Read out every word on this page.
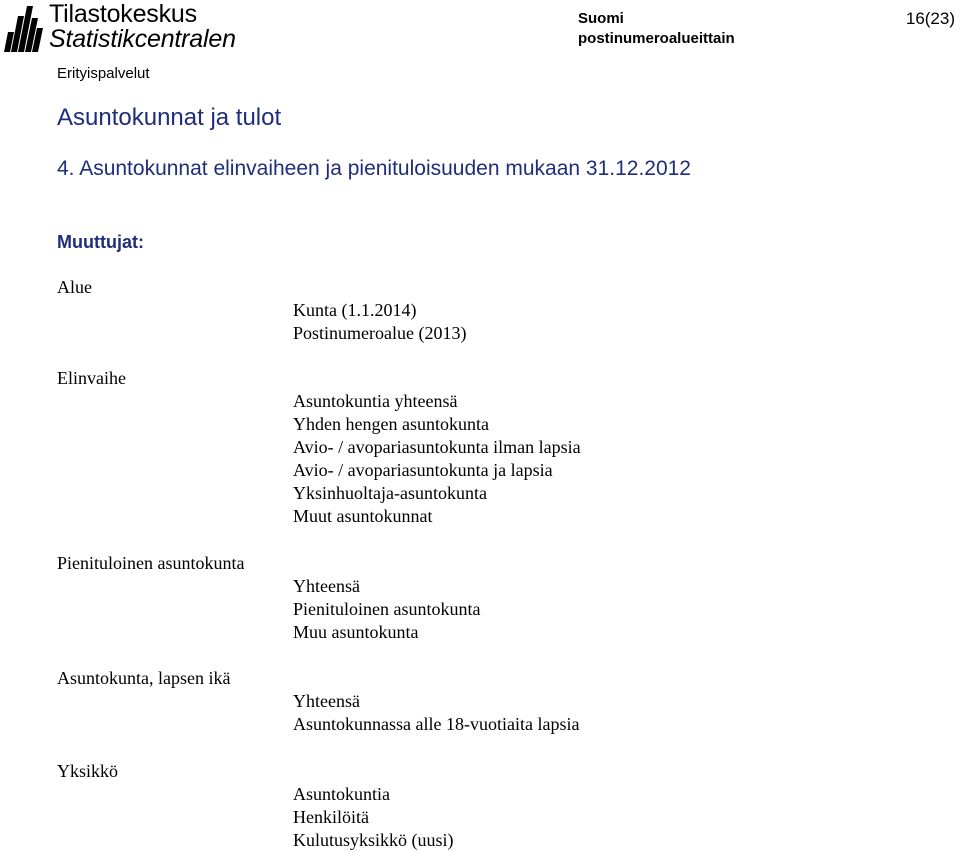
Tilastokeskus
Statistikcentralen
Suomi
postinumeroalueittain
16(23)
Erityispalvelut
Asuntokunnat ja tulot
4. Asuntokunnat elinvaiheen ja pienituloisuuden mukaan 31.12.2012
Muuttujat:
Alue
Kunta (1.1.2014)
Postinumeroalue (2013)
Elinvaihe
Asuntokuntia yhteensä
Yhden hengen asuntokunta
Avio- / avopariasuntokunta ilman lapsia
Avio- / avopariasuntokunta ja lapsia
Yksinhuoltaja-asuntokunta
Muut asuntokunnat
Pienituloinen asuntokunta
Yhteensä
Pienituloinen asuntokunta
Muu asuntokunta
Asuntokunta, lapsen ikä
Yhteensä
Asuntokunnassa alle 18-vuotiaita lapsia
Yksikkö
Asuntokuntia
Henkilöitä
Kulutusyksikkö (uusi)
